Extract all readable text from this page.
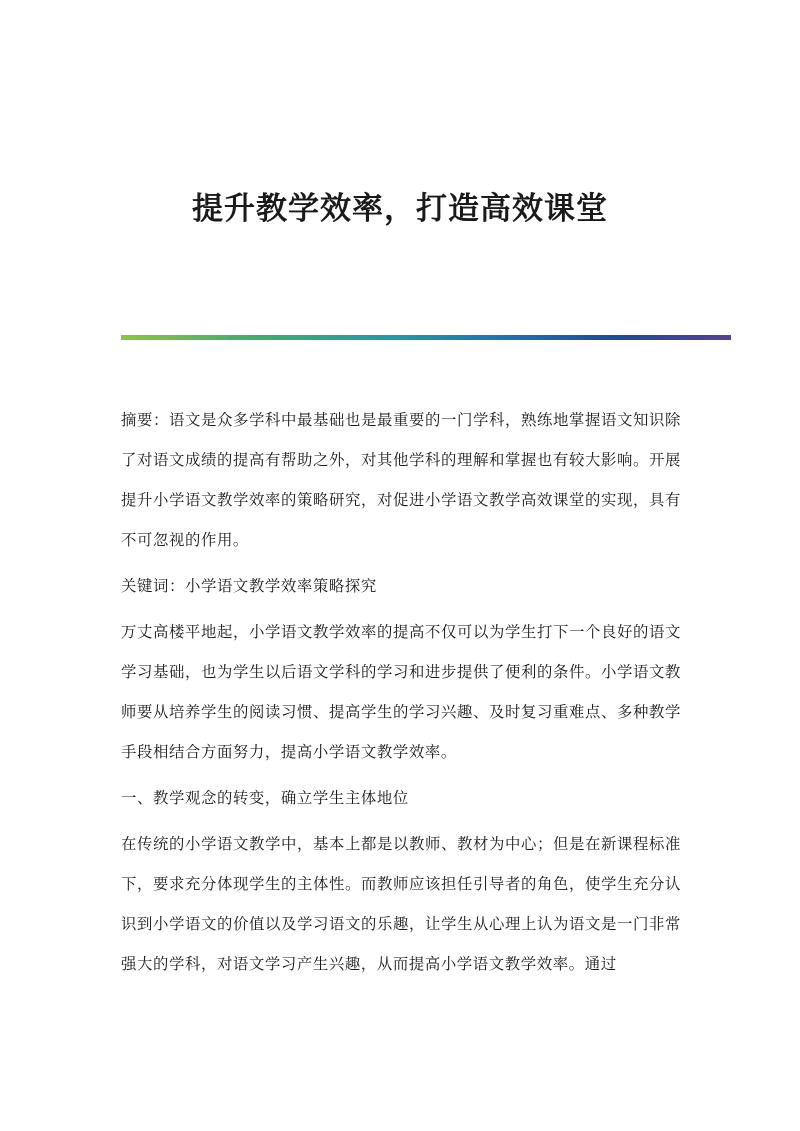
提升教学效率，打造高效课堂

摘要：语文是众多学科中最基础也是最重要的一门学科，熟练地掌握语文知识除了对语文成绩的提高有帮助之外，对其他学科的理解和掌握也有较大影响。开展提升小学语文教学效率的策略研究，对促进小学语文教学高效课堂的实现，具有不可忽视的作用。

关键词：小学语文教学效率策略探究

万丈高楼平地起，小学语文教学效率的提高不仅可以为学生打下一个良好的语文学习基础，也为学生以后语文学科的学习和进步提供了便利的条件。小学语文教师要从培养学生的阅读习惯、提高学生的学习兴趣、及时复习重难点、多种教学手段相结合方面努力，提高小学语文教学效率。

一、教学观念的转变，确立学生主体地位

在传统的小学语文教学中，基本上都是以教师、教材为中心；但是在新课程标准下，要求充分体现学生的主体性。而教师应该担任引导者的角色，使学生充分认识到小学语文的价值以及学习语文的乐趣，让学生从心理上认为语文是一门非常强大的学科，对语文学习产生兴趣，从而提高小学语文教学效率。通过
